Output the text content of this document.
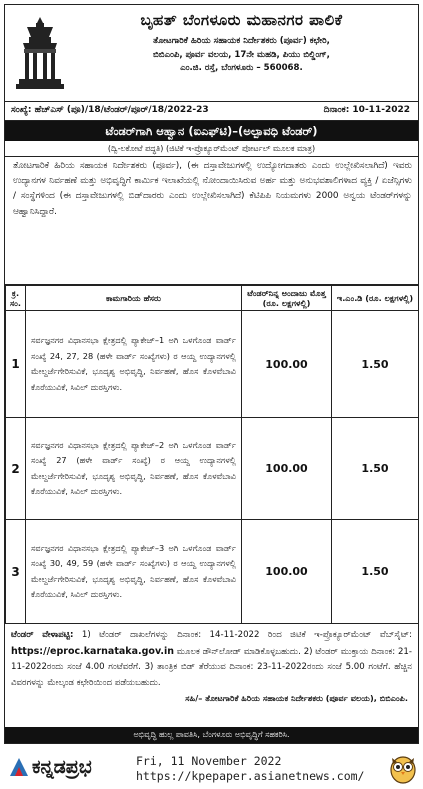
ಬೃಹತ್ ಬೆಂಗಳೂರು ಮಹಾನಗರ ಪಾಲಿಕೆ
ತೋಟಗಾರಿಕೆ ಹಿರಿಯ ಸಹಾಯಕ ನಿರ್ದೇಶಕರು (ಪೂರ್ವ) ಕಛೇರಿ,
ಬಿಬಿಎಂಪಿ, ಪೂರ್ವ ವಲಯ, 17ನೇ ಮಹಡಿ, ಪಿಯು ಬಿಲ್ಡಿಂಗ್,
ಎಂ.ಜಿ. ರಸ್ತೆ, ಬೆಂಗಳೂರು – 560068.
ಸಂಖ್ಯೆ: ಹೆಚ್ಎಸ್ (ಪೂ)/18/ಟೆಂಡರ್/ಪೂರ್/18/2022-23	ದಿನಾಂಕ: 10-11-2022
ಟೆಂಡರ್‌ಗಾಗಿ ಆಹ್ವಾನ (ಐಎಫ್‌ಟಿ)–(ಅಲ್ಪಾವಧಿ ಟೆಂಡರ್)
(ದ್ವಿ-ಲಕೋಟೆ ಪದ್ಧತಿ) (ಜಿಟಿಕೆ ಇ-ಪ್ರೊಕ್ಯೂರ್‌ಮೆಂಟ್ ಪೋರ್ಟಲ್ ಮೂಲಕ ಮಾತ್ರ)
ತೋಟಗಾರಿಕೆ ಹಿರಿಯ ಸಹಾಯಕ ನಿರ್ದೇಶಕರು (ಪೂರ್ವ), (ಈ ದಸ್ತಾವೇಜುಗಳಲ್ಲಿ ಉದ್ಯೋಗದಾತರು ಎಂದು ಉಲ್ಲೇಖಿಸಲಾಗಿದೆ) ಇವರು ಉದ್ಯಾನಗಳ ನಿರ್ವಹಣೆ ಮತ್ತು ಅಭಿವೃದ್ಧಿಗೆ ಕಾರ್ಮಿಕ ಇಲಾಖೆಯಲ್ಲಿ ನೋಂದಾಯಿಸಿರುವ ಅರ್ಹ ಮತ್ತು ಅನುಭವಶಾಲಿಗಳಾದ ವ್ಯಕ್ತಿ / ಏಜೆನ್ಸಿಗಳು / ಸಂಸ್ಥೆಗಳಿಂದ (ಈ ದಸ್ತಾವೇಜುಗಳಲ್ಲಿ ಬಿಡ್‌ದಾರರು ಎಂದು ಉಲ್ಲೇಖಿಸಲಾಗಿದೆ) ಕೆಟಿಪಿಪಿ ನಿಯಮಗಳು 2000 ಅನ್ವಯ ಟೆಂಡರ್‌ಗಳನ್ನು ಆಹ್ವಾನಿಸಿದ್ದಾರೆ.
ಕ್ರ. ಸಂ.	ಕಾಮಗಾರಿಯ ಹೆಸರು	ಟೆಂಡರ್‌ನಿನ್ನ ಅಂದಾಜು ಮೊತ್ತ (ರೂ. ಲಕ್ಷಗಳಲ್ಲಿ)	ಇ.ಎಂ.ಡಿ (ರೂ. ಲಕ್ಷಗಳಲ್ಲಿ)
1	ಸರ್ವಜ್ಞನಗರ ವಿಧಾನಸಭಾ ಕ್ಷೇತ್ರದಲ್ಲಿ ಪ್ಯಾಕೇಜ್–1 ಅಗಿ ಒಳಗೊಂಡ ವಾರ್ಡ್ ಸಂಖ್ಯೆ 24, 27, 28 (ಹಳೇ ವಾರ್ಡ್ ಸಂಖ್ಯೆಗಳು) ರ ಆಯ್ದ ಉದ್ಯಾನಗಳಲ್ಲಿ ಮೇಲ್ದರ್ಜೆಗೇರಿಸುವಿಕೆ, ಭೂದೃಶ್ಯ ಅಭಿವೃದ್ಧಿ, ನಿರ್ವಹಣೆ, ಹೊಸ ಕೊಳವೆಬಾವಿ ಕೊರೆಯುವಿಕೆ, ಸಿವಿಲ್ ದುರಸ್ತಿಗಳು.	100.00	1.50
2	ಸರ್ವಜ್ಞನಗರ ವಿಧಾನಸಭಾ ಕ್ಷೇತ್ರದಲ್ಲಿ ಪ್ಯಾಕೇಜ್–2 ಅಗಿ ಒಳಗೊಂಡ ವಾರ್ಡ್ ಸಂಖ್ಯೆ 27 (ಹಳೇ ವಾರ್ಡ್ ಸಂಖ್ಯೆ) ರ ಆಯ್ದ ಉದ್ಯಾನಗಳಲ್ಲಿ ಮೇಲ್ದರ್ಜೆಗೇರಿಸುವಿಕೆ, ಭೂದೃಶ್ಯ ಅಭಿವೃದ್ಧಿ, ನಿರ್ವಹಣೆ, ಹೊಸ ಕೊಳವೆಬಾವಿ ಕೊರೆಯುವಿಕೆ, ಸಿವಿಲ್ ದುರಸ್ತಿಗಳು.	100.00	1.50
3	ಸರ್ವಜ್ಞನಗರ ವಿಧಾನಸಭಾ ಕ್ಷೇತ್ರದಲ್ಲಿ ಪ್ಯಾಕೇಜ್–3 ಅಗಿ ಒಳಗೊಂಡ ವಾರ್ಡ್ ಸಂಖ್ಯೆ 30, 49, 59 (ಹಳೇ ವಾರ್ಡ್ ಸಂಖ್ಯೆಗಳು) ರ ಆಯ್ದ ಉದ್ಯಾನಗಳಲ್ಲಿ ಮೇಲ್ದರ್ಜೆಗೇರಿಸುವಿಕೆ, ಭೂದೃಶ್ಯ ಅಭಿವೃದ್ಧಿ, ನಿರ್ವಹಣೆ, ಹೊಸ ಕೊಳವೆಬಾವಿ ಕೊರೆಯುವಿಕೆ, ಸಿವಿಲ್ ದುರಸ್ತಿಗಳು.	100.00	1.50
ಟೆಂಡರ್ ವೇಳಾಪಟ್ಟಿ: 1) ಟೆಂಡರ್ ದಾಖಲೆಗಳನ್ನು ದಿನಾಂಕ: 14-11-2022 ರಿಂದ ಜಿಟಿಕೆ ಇ-ಪ್ರೊಕ್ಯೂರ್‌ಮೆಂಟ್ ವೆಬ್‌ಸೈಟ್: https://eproc.karnataka.gov.in ಮೂಲಕ ಡೌನ್‌ಲೋಡ್ ಮಾಡಿಕೊಳ್ಳಬಹುದು. 2) ಟೆಂಡರ್ ಮುಕ್ತಾಯ ದಿನಾಂಕ: 21-11-2022ರಂದು ಸಂಜೆ 4.00 ಗಂಟೆವರೆಗೆ. 3) ತಾಂತ್ರಿಕ ಬಿಡ್ ತೆರೆಯುವ ದಿನಾಂಕ: 23-11-2022ರಂದು ಸಂಜೆ 5.00 ಗಂಟೆಗೆ. ಹೆಚ್ಚಿನ ವಿವರಗಳನ್ನು ಮೇಲ್ಕಂಡ ಕಛೇರಿಯಿಂದ ಪಡೆಯಬಹುದು.
ಸಹಿ/– ತೋಟಗಾರಿಕೆ ಹಿರಿಯ ಸಹಾಯಕ ನಿರ್ದೇಶಕರು (ಪೂರ್ವ ವಲಯ), ಬಿಬಿಎಂಪಿ.
ಅಭಿವೃದ್ಧಿ ಹುಲ್ಲ ಪಾವತಿಸಿ, ಬೆಂಗಳೂರು ಅಭಿವೃದ್ಧಿಗೆ ಸಹಕರಿಸಿ.
ಕನ್ನಡಪ್ರಭ	Fri, 11 November 2022
https://kpepaper.asianetnews.com/
